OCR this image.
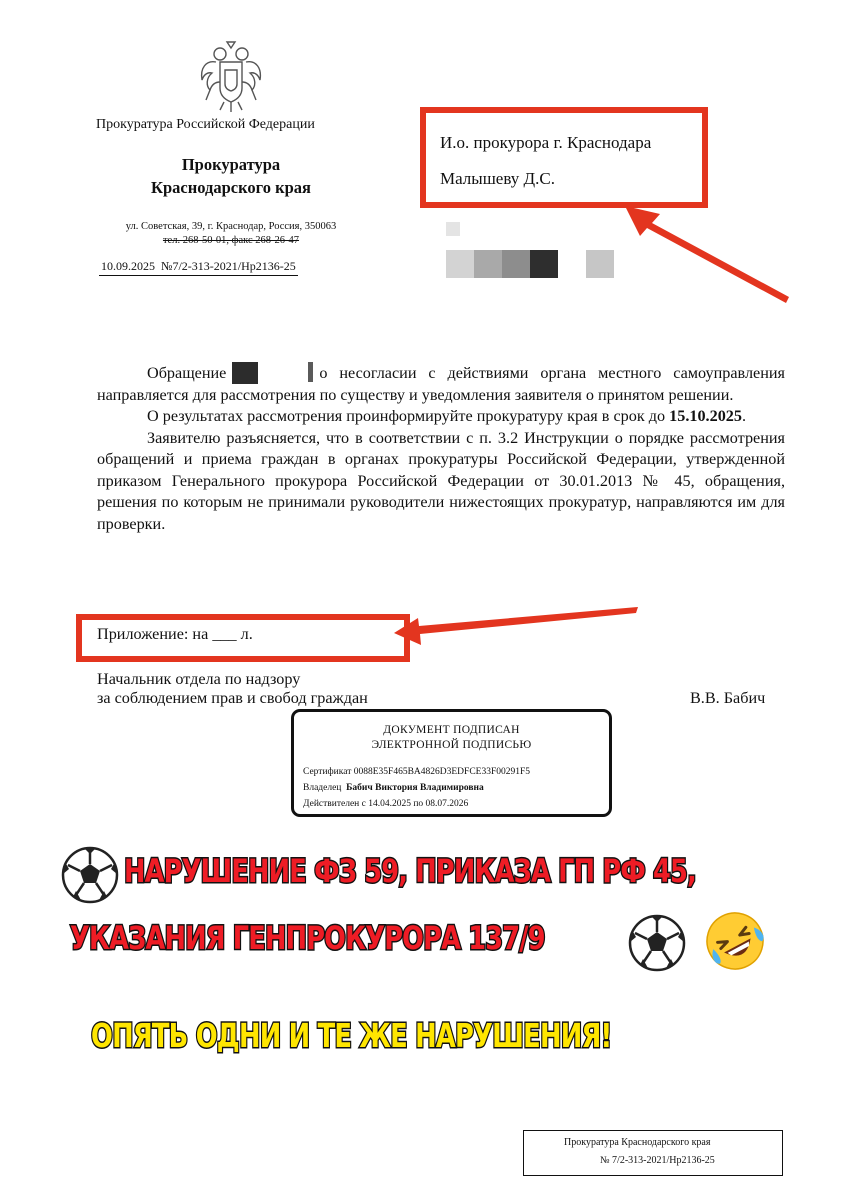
Прокуратура Российской Федерации
Прокуратура
Краснодарского края
ул. Советская, 39, г. Краснодар, Россия, 350063
тел. 268-50-01, факс 268-26-47
10.09.2025 №7/2-313-2021/Нр2136-25
И.о. прокурора г. Краснодара
Малышеву Д.С.

Обращение	о несогласии с действиями органа местного самоуправления направляется для рассмотрения по существу и уведомления заявителя о принятом решении.

О результатах рассмотрения проинформируйте прокуратуру края в срок до 15.10.2025.

Заявителю разъясняется, что в соответствии с п. 3.2 Инструкции о порядке рассмотрения обращений и приема граждан в органах прокуратуры Российской Федерации, утвержденной приказом Генерального прокурора Российской Федерации от 30.01.2013 № 45, обращения, решения по которым не принимали руководители нижестоящих прокуратур, направляются им для проверки.

Приложение: на ___ л.
Начальник отдела по надзору
за соблюдением прав и свобод граждан	В.В. Бабич
ДОКУМЕНТ ПОДПИСАН
ЭЛЕКТРОННОЙ ПОДПИСЬЮ
Сертификат 0088E35F465BA4826D3EDFCE33F00291F5
Владелец Бабич Виктория Владимировна
Действителен с 14.04.2025 по 08.07.2026
НАРУШЕНИЕ ФЗ 59, ПРИКАЗА ГП РФ 45,
УКАЗАНИЯ ГЕНПРОКУРОРА 137/9
ОПЯТЬ ОДНИ И ТЕ ЖЕ НАРУШЕНИЯ!
Прокуратура Краснодарского края
№ 7/2-313-2021/Нр2136-25
